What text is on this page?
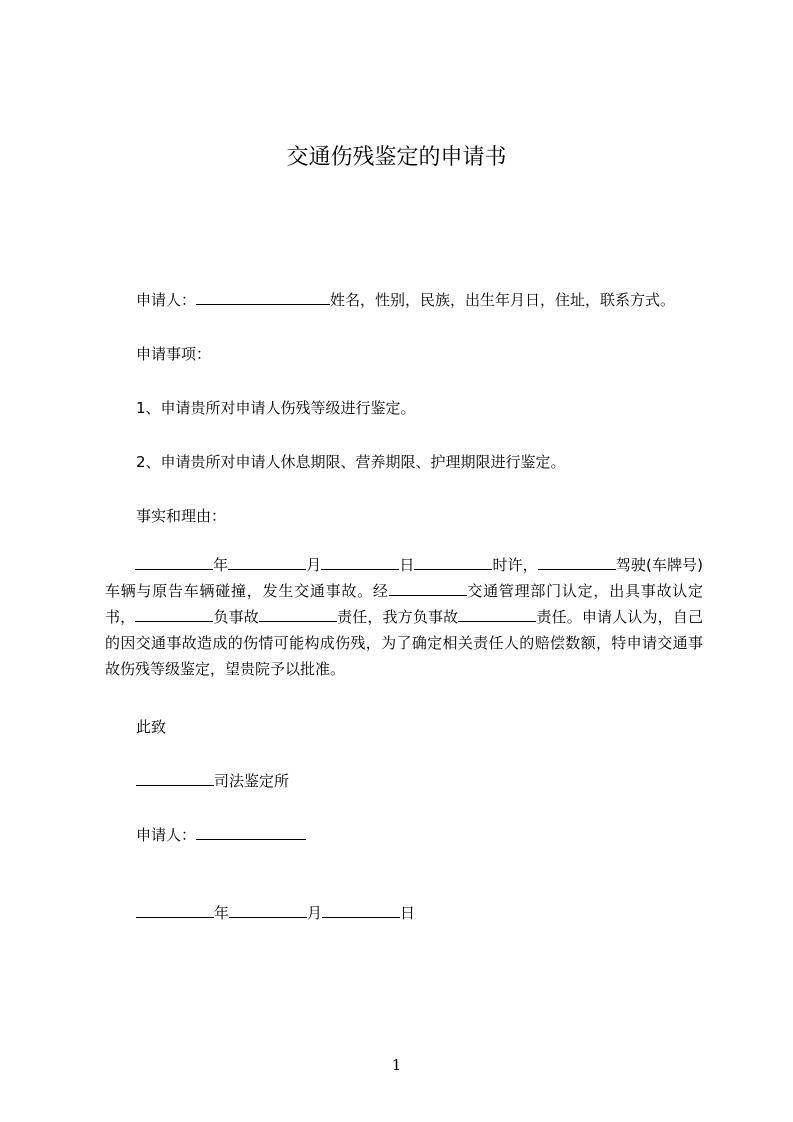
交通伤残鉴定的申请书

申请人：	姓名，性别，民族，出生年月日，住址，联系方式。

申请事项：

1、申请贵所对申请人伤残等级进行鉴定。

2、申请贵所对申请人休息期限、营养期限、护理期限进行鉴定。

事实和理由：

年	月	日	时许，	驾驶(车牌号)车辆与原告车辆碰撞，发生交通事故。经	交通管理部门认定，出具事故认定书，	负事故	责任，我方负事故	责任。申请人认为，自己的因交通事故造成的伤情可能构成伤残，为了确定相关责任人的赔偿数额，特申请交通事故伤残等级鉴定，望贵院予以批准。

此致

司法鉴定所

申请人：

年	月	日

1
